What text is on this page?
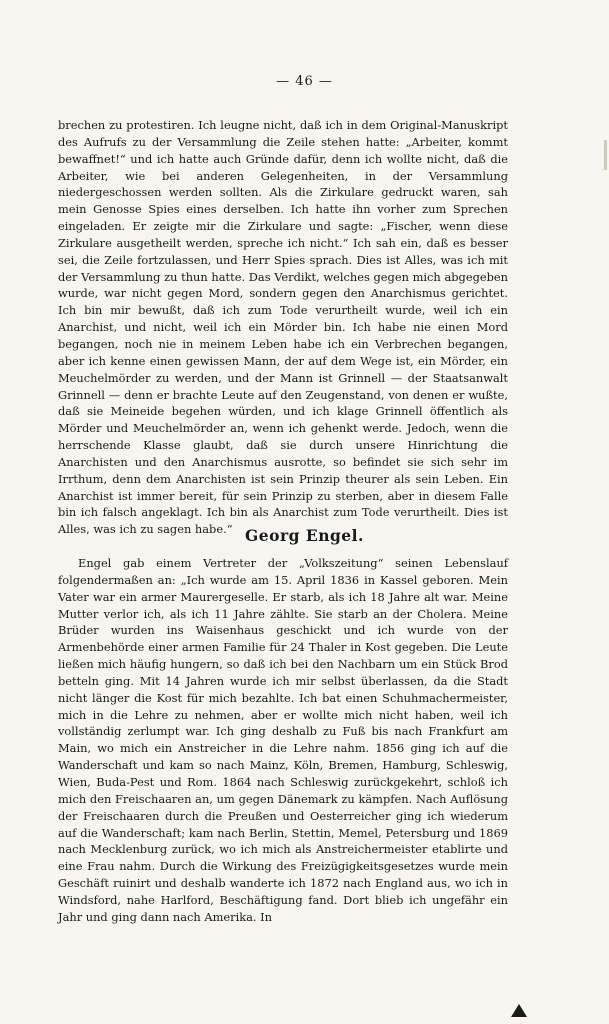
— 46 —

brechen zu protestiren. Ich leugne nicht, daß ich in dem Original-Manuskript des Aufrufs zu der Versammlung die Zeile stehen hatte: „Arbeiter, kommt bewaffnet!“ und ich hatte auch Gründe dafür, denn ich wollte nicht, daß die Arbeiter, wie bei anderen Gelegenheiten, in der Versammlung niedergeschossen werden sollten. Als die Zirkulare gedruckt waren, sah mein Genosse Spies eines derselben. Ich hatte ihn vorher zum Sprechen eingeladen. Er zeigte mir die Zirkulare und sagte: „Fischer, wenn diese Zirkulare ausgetheilt werden, spreche ich nicht.“ Ich sah ein, daß es besser sei, die Zeile fortzulassen, und Herr Spies sprach. Dies ist Alles, was ich mit der Versammlung zu thun hatte. Das Verdikt, welches gegen mich abgegeben wurde, war nicht gegen Mord, sondern gegen den Anarchismus gerichtet. Ich bin mir bewußt, daß ich zum Tode verurtheilt wurde, weil ich ein Anarchist, und nicht, weil ich ein Mörder bin. Ich habe nie einen Mord begangen, noch nie in meinem Leben habe ich ein Verbrechen begangen, aber ich kenne einen gewissen Mann, der auf dem Wege ist, ein Mörder, ein Meuchelmörder zu werden, und der Mann ist Grinnell — der Staatsanwalt Grinnell — denn er brachte Leute auf den Zeugenstand, von denen er wußte, daß sie Meineide begehen würden, und ich klage Grinnell öffentlich als Mörder und Meuchelmörder an, wenn ich gehenkt werde. Jedoch, wenn die herrschende Klasse glaubt, daß sie durch unsere Hinrichtung die Anarchisten und den Anarchismus ausrotte, so befindet sie sich sehr im Irrthum, denn dem Anarchisten ist sein Prinzip theurer als sein Leben. Ein Anarchist ist immer bereit, für sein Prinzip zu sterben, aber in diesem Falle bin ich falsch angeklagt. Ich bin als Anarchist zum Tode verurtheilt. Dies ist Alles, was ich zu sagen habe.“ Georg Engel.

Engel gab einem Vertreter der „Volkszeitung“ seinen Lebenslauf folgendermaßen an: „Ich wurde am 15. April 1836 in Kassel geboren. Mein Vater war ein armer Maurergeselle. Er starb, als ich 18 Jahre alt war. Meine Mutter verlor ich, als ich 11 Jahre zählte. Sie starb an der Cholera. Meine Brüder wurden ins Waisenhaus geschickt und ich wurde von der Armenbehörde einer armen Familie für 24 Thaler in Kost gegeben. Die Leute ließen mich häufig hungern, so daß ich bei den Nachbarn um ein Stück Brod betteln ging. Mit 14 Jahren wurde ich mir selbst überlassen, da die Stadt nicht länger die Kost für mich bezahlte. Ich bat einen Schuhmachermeister, mich in die Lehre zu nehmen, aber er wollte mich nicht haben, weil ich vollständig zerlumpt war. Ich ging deshalb zu Fuß bis nach Frankfurt am Main, wo mich ein Anstreicher in die Lehre nahm. 1856 ging ich auf die Wanderschaft und kam so nach Mainz, Köln, Bremen, Hamburg, Schleswig, Wien, Buda-Pest und Rom. 1864 nach Schleswig zurückgekehrt, schloß ich mich den Freischaaren an, um gegen Dänemark zu kämpfen. Nach Auflösung der Freischaaren durch die Preußen und Oesterreicher ging ich wiederum auf die Wanderschaft; kam nach Berlin, Stettin, Memel, Petersburg und 1869 nach Mecklenburg zurück, wo ich mich als Anstreichermeister etablirte und eine Frau nahm. Durch die Wirkung des Freizügigkeitsgesetzes wurde mein Geschäft ruinirt und deshalb wanderte ich 1872 nach England aus, wo ich in Windsford, nahe Harlford, Beschäftigung fand. Dort blieb ich ungefähr ein Jahr und ging dann nach Amerika. In
